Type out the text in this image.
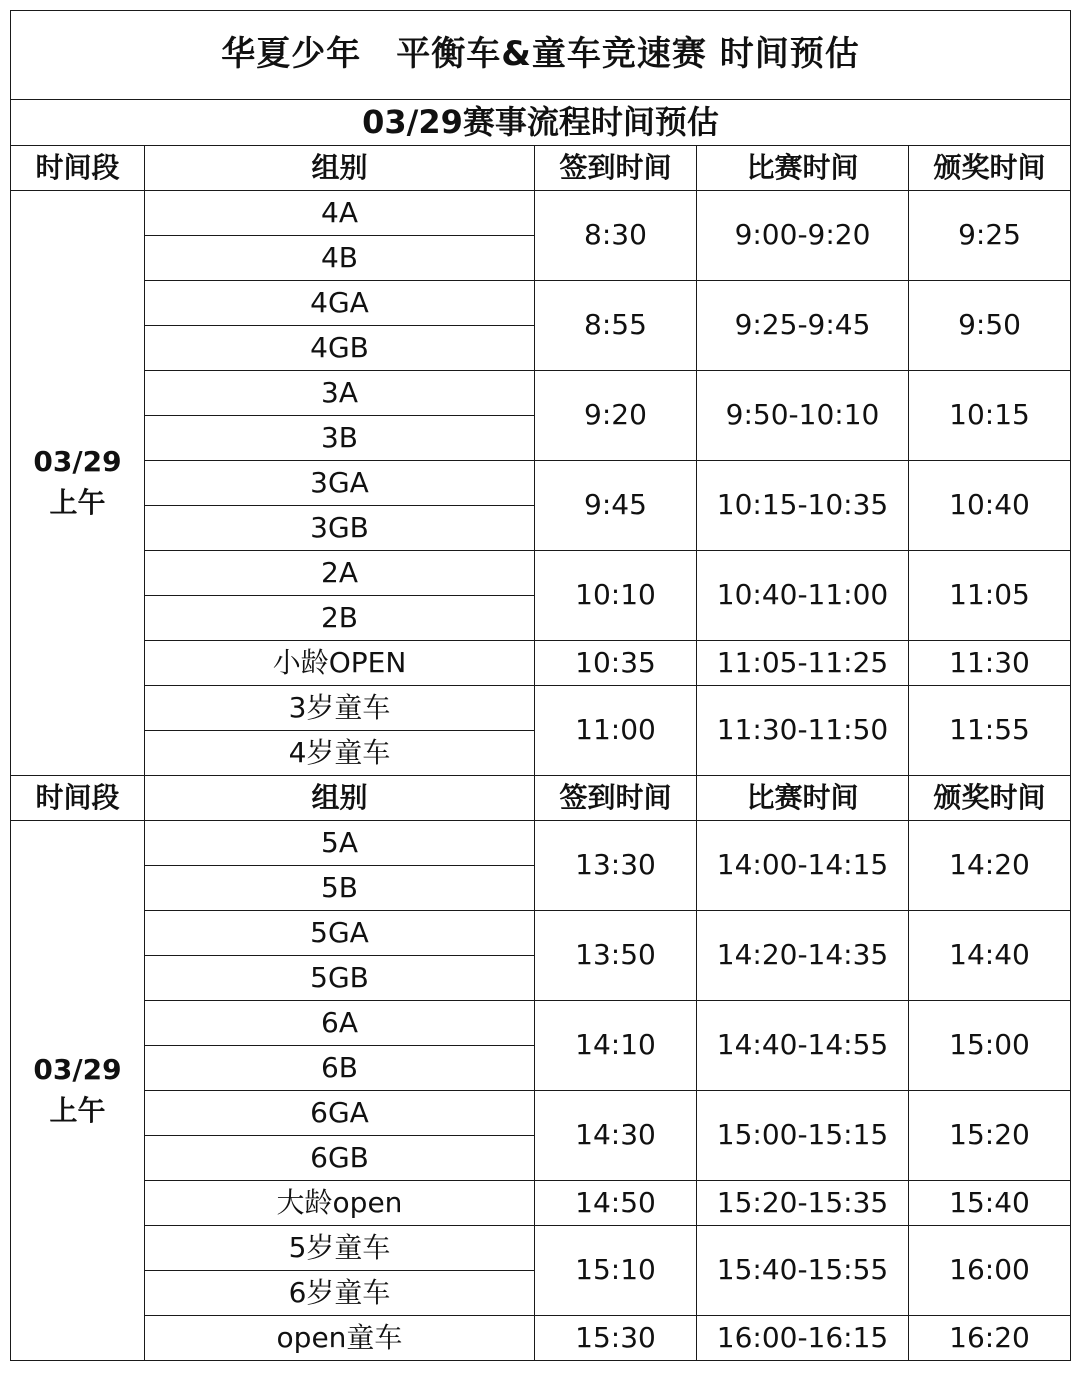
华夏少年　平衡车&童车竞速赛 时间预估				
03/29赛事流程时间预估				
时间段	组别	签到时间	比赛时间	颁奖时间

03/29
上午	4A	8:30	9:00-9:20	9:25
	4B			
	4GA	8:55	9:25-9:45	9:50
	4GB			
	3A	9:20	9:50-10:10	10:15
	3B			
	3GA	9:45	10:15-10:35	10:40
	3GB			
	2A	10:10	10:40-11:00	11:05
	2B			
	小龄OPEN	10:35	11:05-11:25	11:30
	3岁童车	11:00	11:30-11:50	11:55
	4岁童车			
时间段	组别	签到时间	比赛时间	颁奖时间

03/29
上午	5A	13:30	14:00-14:15	14:20
	5B			
	5GA	13:50	14:20-14:35	14:40
	5GB			
	6A	14:10	14:40-14:55	15:00
	6B			
	6GA	14:30	15:00-15:15	15:20
	6GB			
	大龄open	14:50	15:20-15:35	15:40
	5岁童车	15:10	15:40-15:55	16:00
	6岁童车			
	open童车	15:30	16:00-16:15	16:20
